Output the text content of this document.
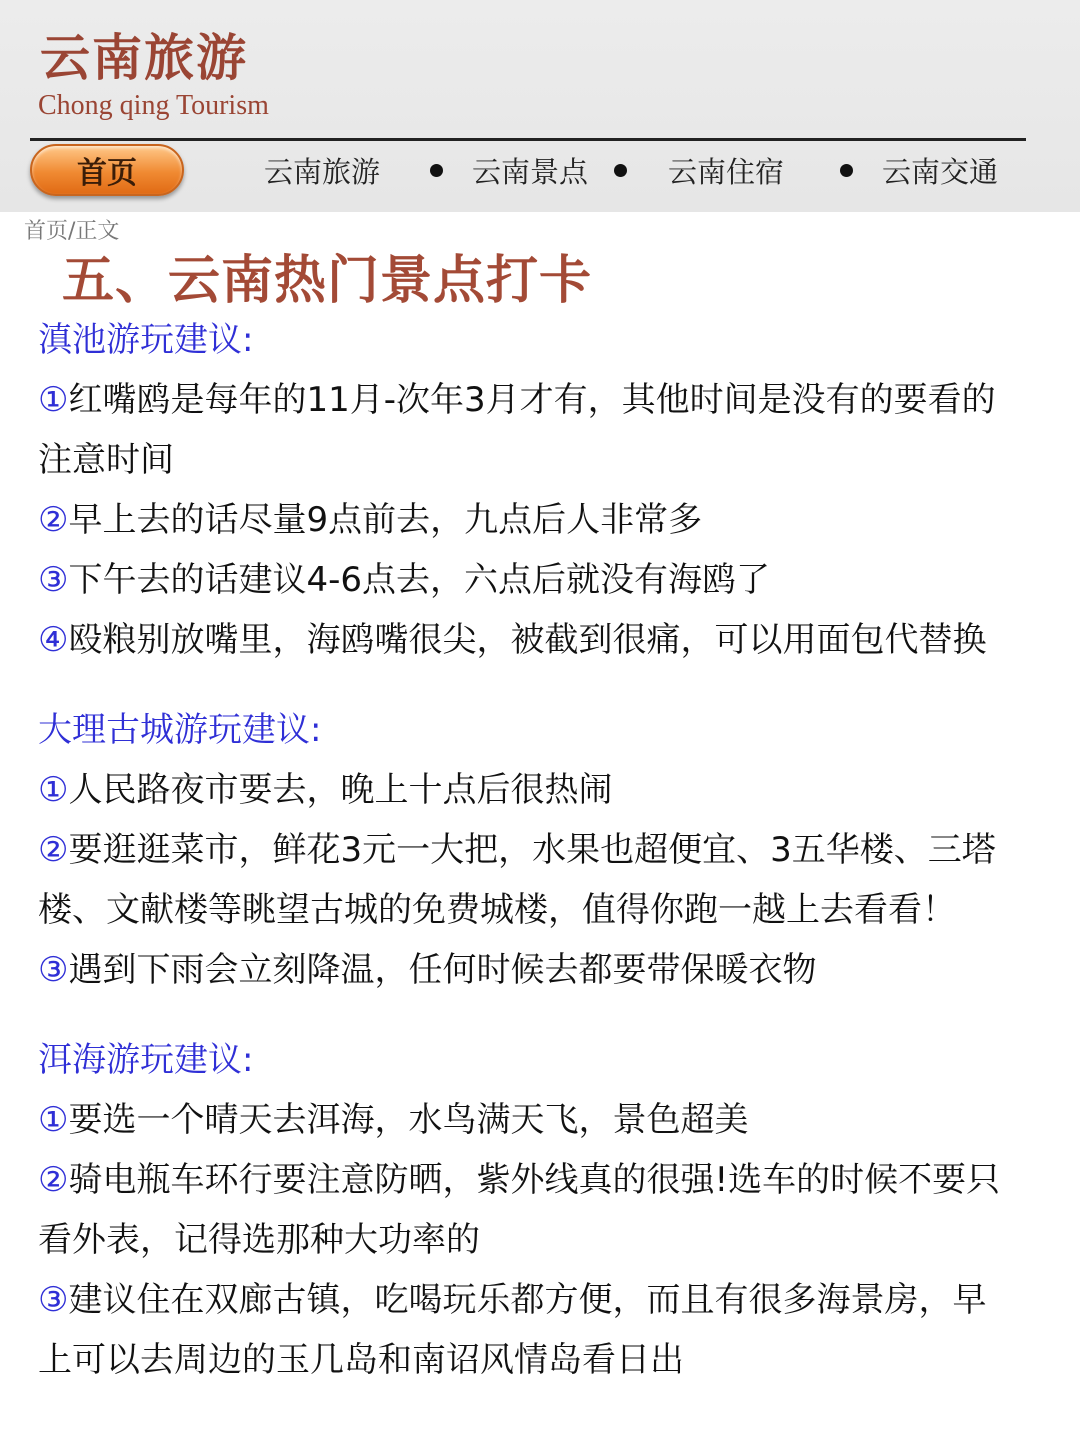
云南旅游
Chong qing Tourism
首页	云南旅游	云南景点	云南住宿	云南交通
首页/正文
五、云南热门景点打卡
滇池游玩建议:
①红嘴鸥是每年的11月-次年3月才有，其他时间是没有的要看的
注意时间
②早上去的话尽量9点前去，九点后人非常多
③下午去的话建议4-6点去，六点后就没有海鸥了
④殴粮别放嘴里，海鸥嘴很尖，被截到很痛，可以用面包代替换
大理古城游玩建议:
①人民路夜市要去，晚上十点后很热闹
②要逛逛菜市，鲜花3元一大把，水果也超便宜、3五华楼、三塔
楼、文献楼等眺望古城的免费城楼，值得你跑一越上去看看！
③遇到下雨会立刻降温，任何时候去都要带保暖衣物
洱海游玩建议:
①要选一个晴天去洱海，水鸟满天飞，景色超美
②骑电瓶车环行要注意防晒，紫外线真的很强!选车的时候不要只
看外表，记得选那种大功率的
③建议住在双廊古镇，吃喝玩乐都方便，而且有很多海景房，早
上可以去周边的玉几岛和南诏风情岛看日出
